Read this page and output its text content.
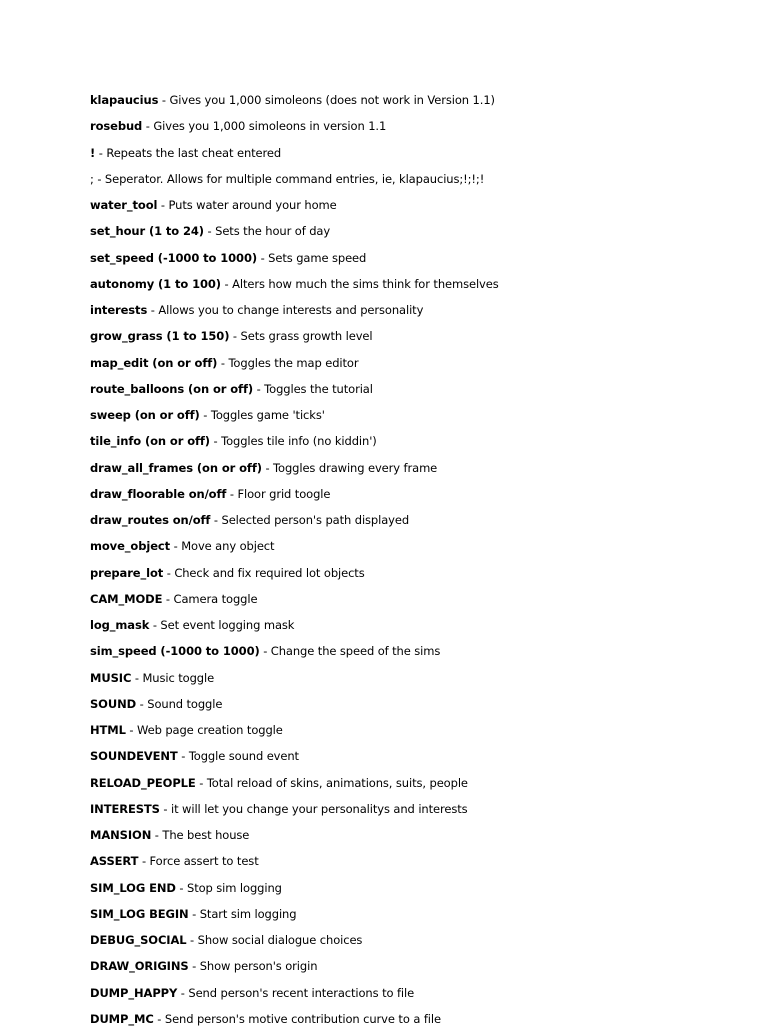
klapaucius - Gives you 1,000 simoleons (does not work in Version 1.1)
rosebud - Gives you 1,000 simoleons in version 1.1
! - Repeats the last cheat entered
; - Seperator. Allows for multiple command entries, ie, klapaucius;!;!;!
water_tool - Puts water around your home
set_hour (1 to 24) - Sets the hour of day
set_speed (-1000 to 1000) - Sets game speed
autonomy (1 to 100) - Alters how much the sims think for themselves
interests - Allows you to change interests and personality
grow_grass (1 to 150) - Sets grass growth level
map_edit (on or off) - Toggles the map editor
route_balloons (on or off) - Toggles the tutorial
sweep (on or off) - Toggles game 'ticks'
tile_info (on or off) - Toggles tile info (no kiddin')
draw_all_frames (on or off) - Toggles drawing every frame
draw_floorable on/off - Floor grid toogle
draw_routes on/off - Selected person's path displayed
move_object - Move any object
prepare_lot - Check and fix required lot objects
CAM_MODE - Camera toggle
log_mask - Set event logging mask
sim_speed (-1000 to 1000) - Change the speed of the sims
MUSIC - Music toggle
SOUND - Sound toggle
HTML - Web page creation toggle
SOUNDEVENT - Toggle sound event
RELOAD_PEOPLE - Total reload of skins, animations, suits, people
INTERESTS - it will let you change your personalitys and interests
MANSION - The best house
ASSERT - Force assert to test
SIM_LOG END - Stop sim logging
SIM_LOG BEGIN - Start sim logging
DEBUG_SOCIAL - Show social dialogue choices
DRAW_ORIGINS - Show person's origin
DUMP_HAPPY - Send person's recent interactions to file
DUMP_MC - Send person's motive contribution curve to a file
